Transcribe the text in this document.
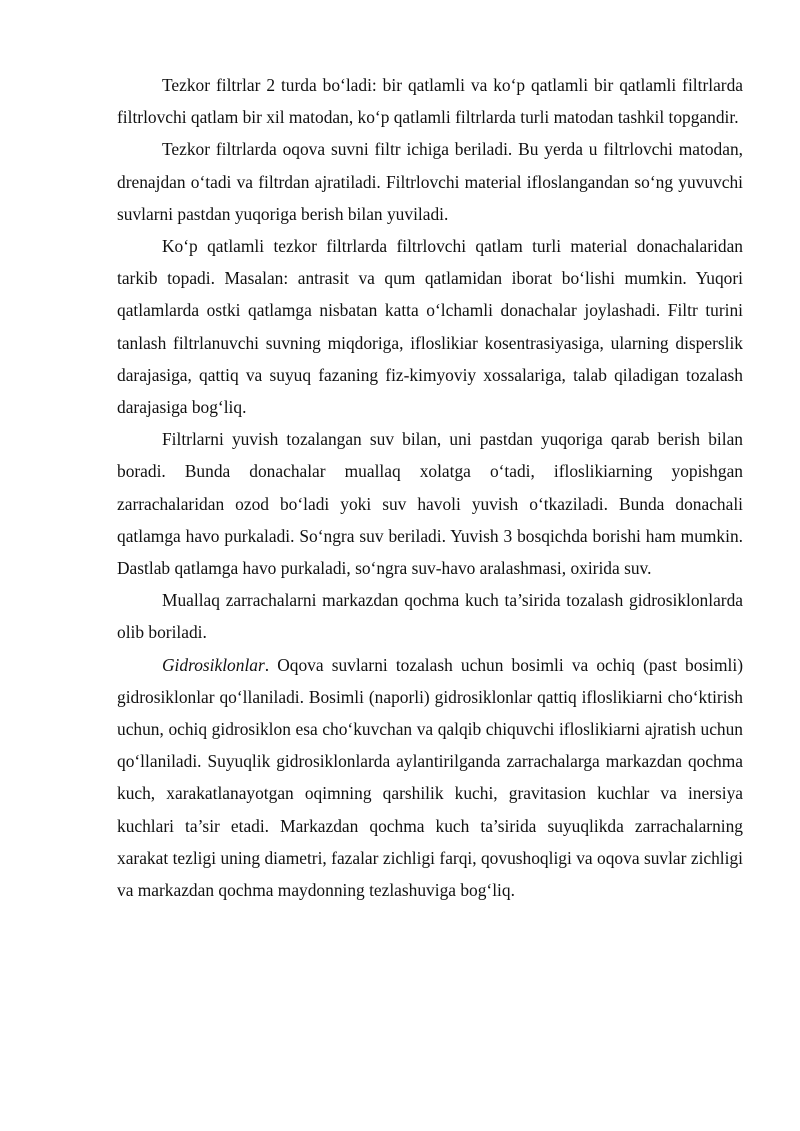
Tezkor filtrlar 2 turda bo‘ladi: bir qatlamli va ko‘p qatlamli bir qatlamli filtrlarda filtrlovchi qatlam bir xil matodan, ko‘p qatlamli filtrlarda turli matodan tashkil topgandir.

Tezkor filtrlarda oqova suvni filtr ichiga beriladi. Bu yerda u filtrlovchi matodan, drenajdan o‘tadi va filtrdan ajratiladi. Filtrlovchi material ifloslangandan so‘ng yuvuvchi suvlarni pastdan yuqoriga berish bilan yuviladi.

Ko‘p qatlamli tezkor filtrlarda filtrlovchi qatlam turli material donachalaridan tarkib topadi. Masalan: antrasit va qum qatlamidan iborat bo‘lishi mumkin. Yuqori qatlamlarda ostki qatlamga nisbatan katta o‘lchamli donachalar joylashadi. Filtr turini tanlash filtrlanuvchi suvning miqdoriga, ifloslikiar kosentrasiyasiga, ularning disperslik darajasiga, qattiq va suyuq fazaning fiz-kimyoviy xossalariga, talab qiladigan tozalash darajasiga bog‘liq.

Filtrlarni yuvish tozalangan suv bilan, uni pastdan yuqoriga qarab berish bilan boradi. Bunda donachalar muallaq xolatga o‘tadi, ifloslikiarning yopishgan zarrachalaridan ozod bo‘ladi yoki suv havoli yuvish o‘tkaziladi. Bunda donachali qatlamga havo purkaladi. So‘ngra suv beriladi. Yuvish 3 bosqichda borishi ham mumkin. Dastlab qatlamga havo purkaladi, so‘ngra suv-havo aralashmasi, oxirida suv.

Muallaq zarrachalarni markazdan qochma kuch ta’sirida tozalash gidrosiklonlarda olib boriladi.

Gidrosiklonlar. Oqova suvlarni tozalash uchun bosimli va ochiq (past bosimli) gidrosiklonlar qo‘llaniladi. Bosimli (naporli) gidrosiklonlar qattiq ifloslikiarni cho‘ktirish uchun, ochiq gidrosiklon esa cho‘kuvchan va qalqib chiquvchi ifloslikiarni ajratish uchun qo‘llaniladi. Suyuqlik gidrosiklonlarda aylantirilganda zarrachalarga markazdan qochma kuch, xarakatlanayotgan oqimning qarshilik kuchi, gravitasion kuchlar va inersiya kuchlari ta’sir etadi. Markazdan qochma kuch ta’sirida suyuqlikda zarrachalarning xarakat tezligi uning diametri, fazalar zichligi farqi, qovushoqligi va oqova suvlar zichligi va markazdan qochma maydonning tezlashuviga bog‘liq.
